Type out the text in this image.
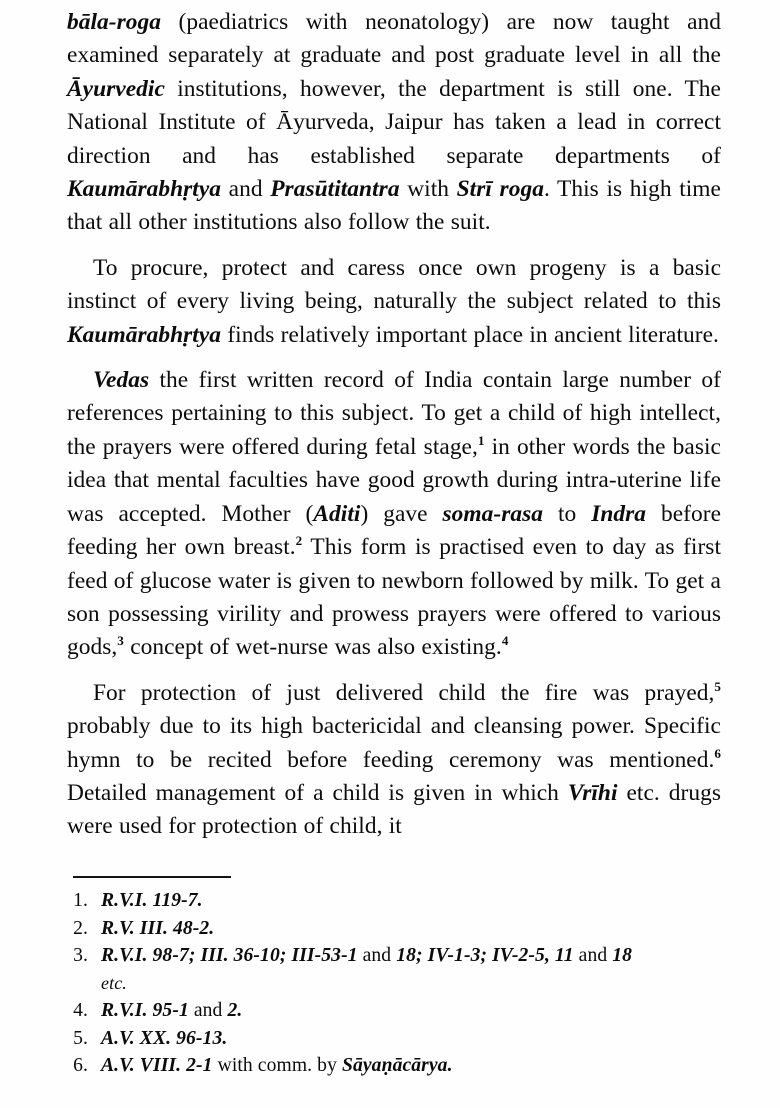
bāla-roga (paediatrics with neonatology) are now taught and examined separately at graduate and post graduate level in all the Āyurvedic institutions, however, the department is still one. The National Institute of Āyurveda, Jaipur has taken a lead in correct direction and has established separate departments of Kaumārabhṛtya and Prasūtitantra with Strī roga. This is high time that all other institutions also follow the suit.

To procure, protect and caress once own progeny is a basic instinct of every living being, naturally the subject related to this Kaumārabhṛtya finds relatively important place in ancient literature.

Vedas the first written record of India contain large number of references pertaining to this subject. To get a child of high intellect, the prayers were offered during fetal stage,$^1$ in other words the basic idea that mental faculties have good growth during intra-uterine life was accepted. Mother (Aditi) gave soma-rasa to Indra before feeding her own breast.$^2$ This form is practised even to day as first feed of glucose water is given to newborn followed by milk. To get a son possessing virility and prowess prayers were offered to various gods,$^3$ concept of wet-nurse was also existing.$^4$

For protection of just delivered child the fire was prayed,$^5$ probably due to its high bactericidal and cleansing power. Specific hymn to be recited before feeding ceremony was mentioned.$^6$ Detailed management of a child is given in which Vrīhi etc. drugs were used for protection of child, it

1. R.V.I. 119-7.
2. R.V. III. 48-2.
3. R.V.I. 98-7; III. 36-10; III-53-1 and 18; IV-1-3; IV-2-5, 11 and 18
etc.
4. R.V.I. 95-1 and 2.
5. A.V. XX. 96-13.
6. A.V. VIII. 2-1 with comm. by Sāyaṇācārya.
